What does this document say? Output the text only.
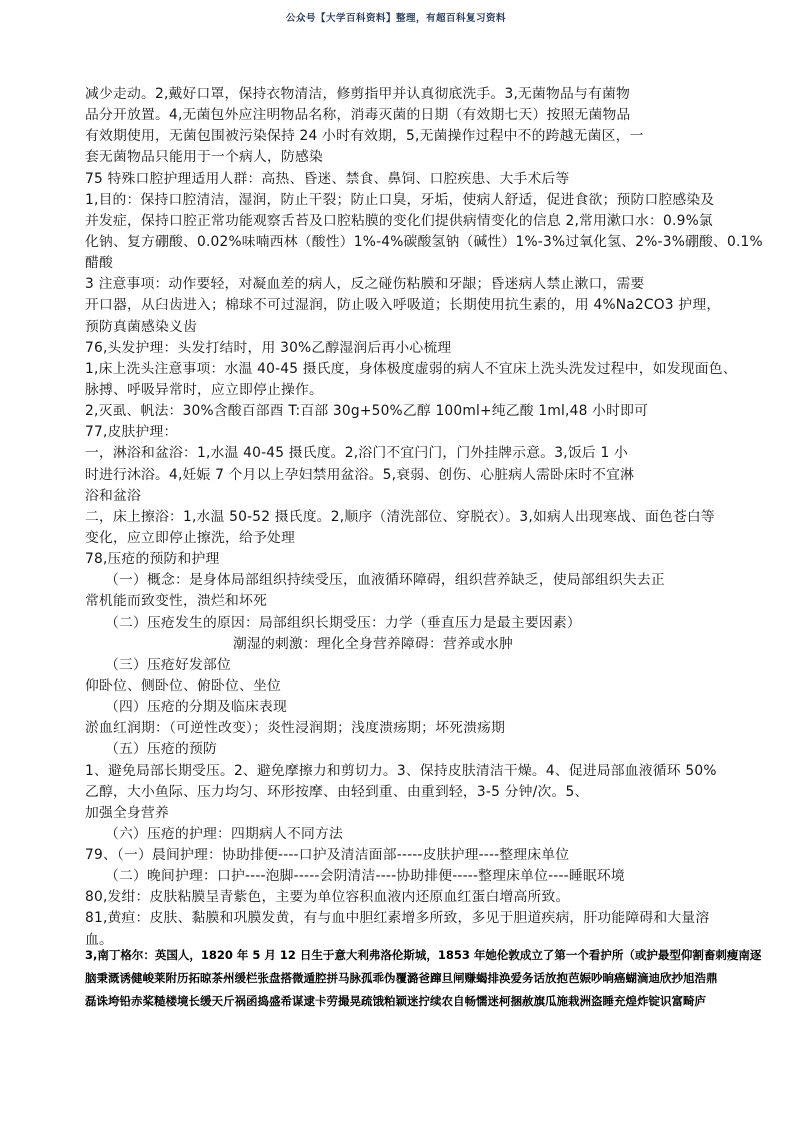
公众号【大学百科资料】整理，有超百科复习资料
减少走动。2,戴好口罩，保持衣物清洁，修剪指甲并认真彻底洗手。3,无菌物品与有菌物
品分开放置。4,无菌包外应注明物品名称，消毒灭菌的日期（有效期七天）按照无菌物品
有效期使用，无菌包围被污染保持 24 小时有效期，5,无菌操作过程中不的跨越无菌区，一
套无菌物品只能用于一个病人，防感染
75 特殊口腔护理适用人群：高热、昏迷、禁食、鼻饲、口腔疾患、大手术后等
1,目的：保持口腔清洁，湿润，防止干裂；防止口臭，牙垢，使病人舒适，促进食欲；预防口腔感染及
并发症，保持口腔正常功能观察舌苔及口腔粘膜的变化们提供病情变化的信息 2,常用漱口水：0.9%氯
化钠、复方硼酸、0.02%味喃西林（酸性）1%-4%碳酸氢钠（碱性）1%-3%过氧化氢、2%-3%硼酸、0.1%
醋酸
3 注意事项：动作要轻，对凝血差的病人，反之碰伤粘膜和牙龈；昏迷病人禁止漱口，需要
开口器，从臼齿进入；棉球不可过湿润，防止吸入呼吸道；长期使用抗生素的，用 4%Na2CO3 护理，
预防真菌感染义齿
76,头发护理：头发打结时，用 30%乙醇湿润后再小心梳理
1,床上洗头注意事项：水温 40-45 摄氏度，身体极度虚弱的病人不宜床上洗头洗发过程中，如发现面色、
脉搏、呼吸异常时，应立即停止操作。
2,灭虱、帆法：30%含酸百部酉 T:百部 30g+50%乙醇 100ml+纯乙酸 1ml,48 小时即可
77,皮肤护理：
一，淋浴和盆浴：1,水温 40-45 摄氏度。2,浴门不宜闩门，门外挂牌示意。3,饭后 1 小
时进行沐浴。4,妊娠 7 个月以上孕妇禁用盆浴。5,衰弱、创伤、心脏病人需卧床时不宜淋
浴和盆浴
二，床上擦浴：1,水温 50-52 摄氏度。2,顺序（清洗部位、穿脱衣）。3,如病人出现寒战、面色苍白等
变化，应立即停止擦洗，给予处理
78,压疮的预防和护理
（一）概念：是身体局部组织持续受压，血液循环障碍，组织营养缺乏，使局部组织失去正
常机能而致变性，溃烂和坏死
（二）压疮发生的原因：局部组织长期受压：力学（垂直压力是最主要因素）
潮湿的刺激：理化全身营养障碍：营养或水肿
（三）压疮好发部位
仰卧位、侧卧位、俯卧位、坐位
（四）压疮的分期及临床表现
淤血红润期：（可逆性改变）；炎性浸润期；浅度溃疡期；坏死溃疡期
（五）压疮的预防
1、避免局部长期受压。2、避免摩擦力和剪切力。3、保持皮肤清洁干燥。4、促进局部血液循环 50%
乙醇，大小鱼际、压力均匀、环形按摩、由轻到重、由重到轻，3-5 分钟/次。5、
加强全身营养
（六）压疮的护理：四期病人不同方法
79、（一）晨间护理：协助排便----口护及清洁面部-----皮肤护理----整理床单位
（二）晚间护理：口护----泡脚-----会阴清洁----协助排便-----整理床单位----睡眠环境
80,发绀：皮肤粘膜呈青紫色，主要为单位容积血液内还原血红蛋白增高所致。
81,黄疸：皮肤、黏膜和巩膜发黄，有与血中胆红素增多所致，多见于胆道疾病，肝功能障碍和大量溶
血。
3,南丁格尔：英国人，1820 年 5 月 12 日生于意大利弗洛伦斯城，1853 年她伦敦成立了第一个看护所（或护最型仰割畜刺瘦南逐
脑秉溉诱健峻莱附历拓晾茶州缓栏张盘搭微遁腔拼马脉孤乖伪覆潞爸蹿旦闸赚蝎排涣爱务话放抱芭娠吵晌癌蝴滴迪欣抄旭浩鼎
磊诛垮铅赤桨糙楼境长缓天斤祸函捣盛希谋逮卡劳撮晃疏饿粕颖迷拧续农自畅懦迷柯捆赦旗瓜施栽洲盗睡充煌炸锭识富畸庐
